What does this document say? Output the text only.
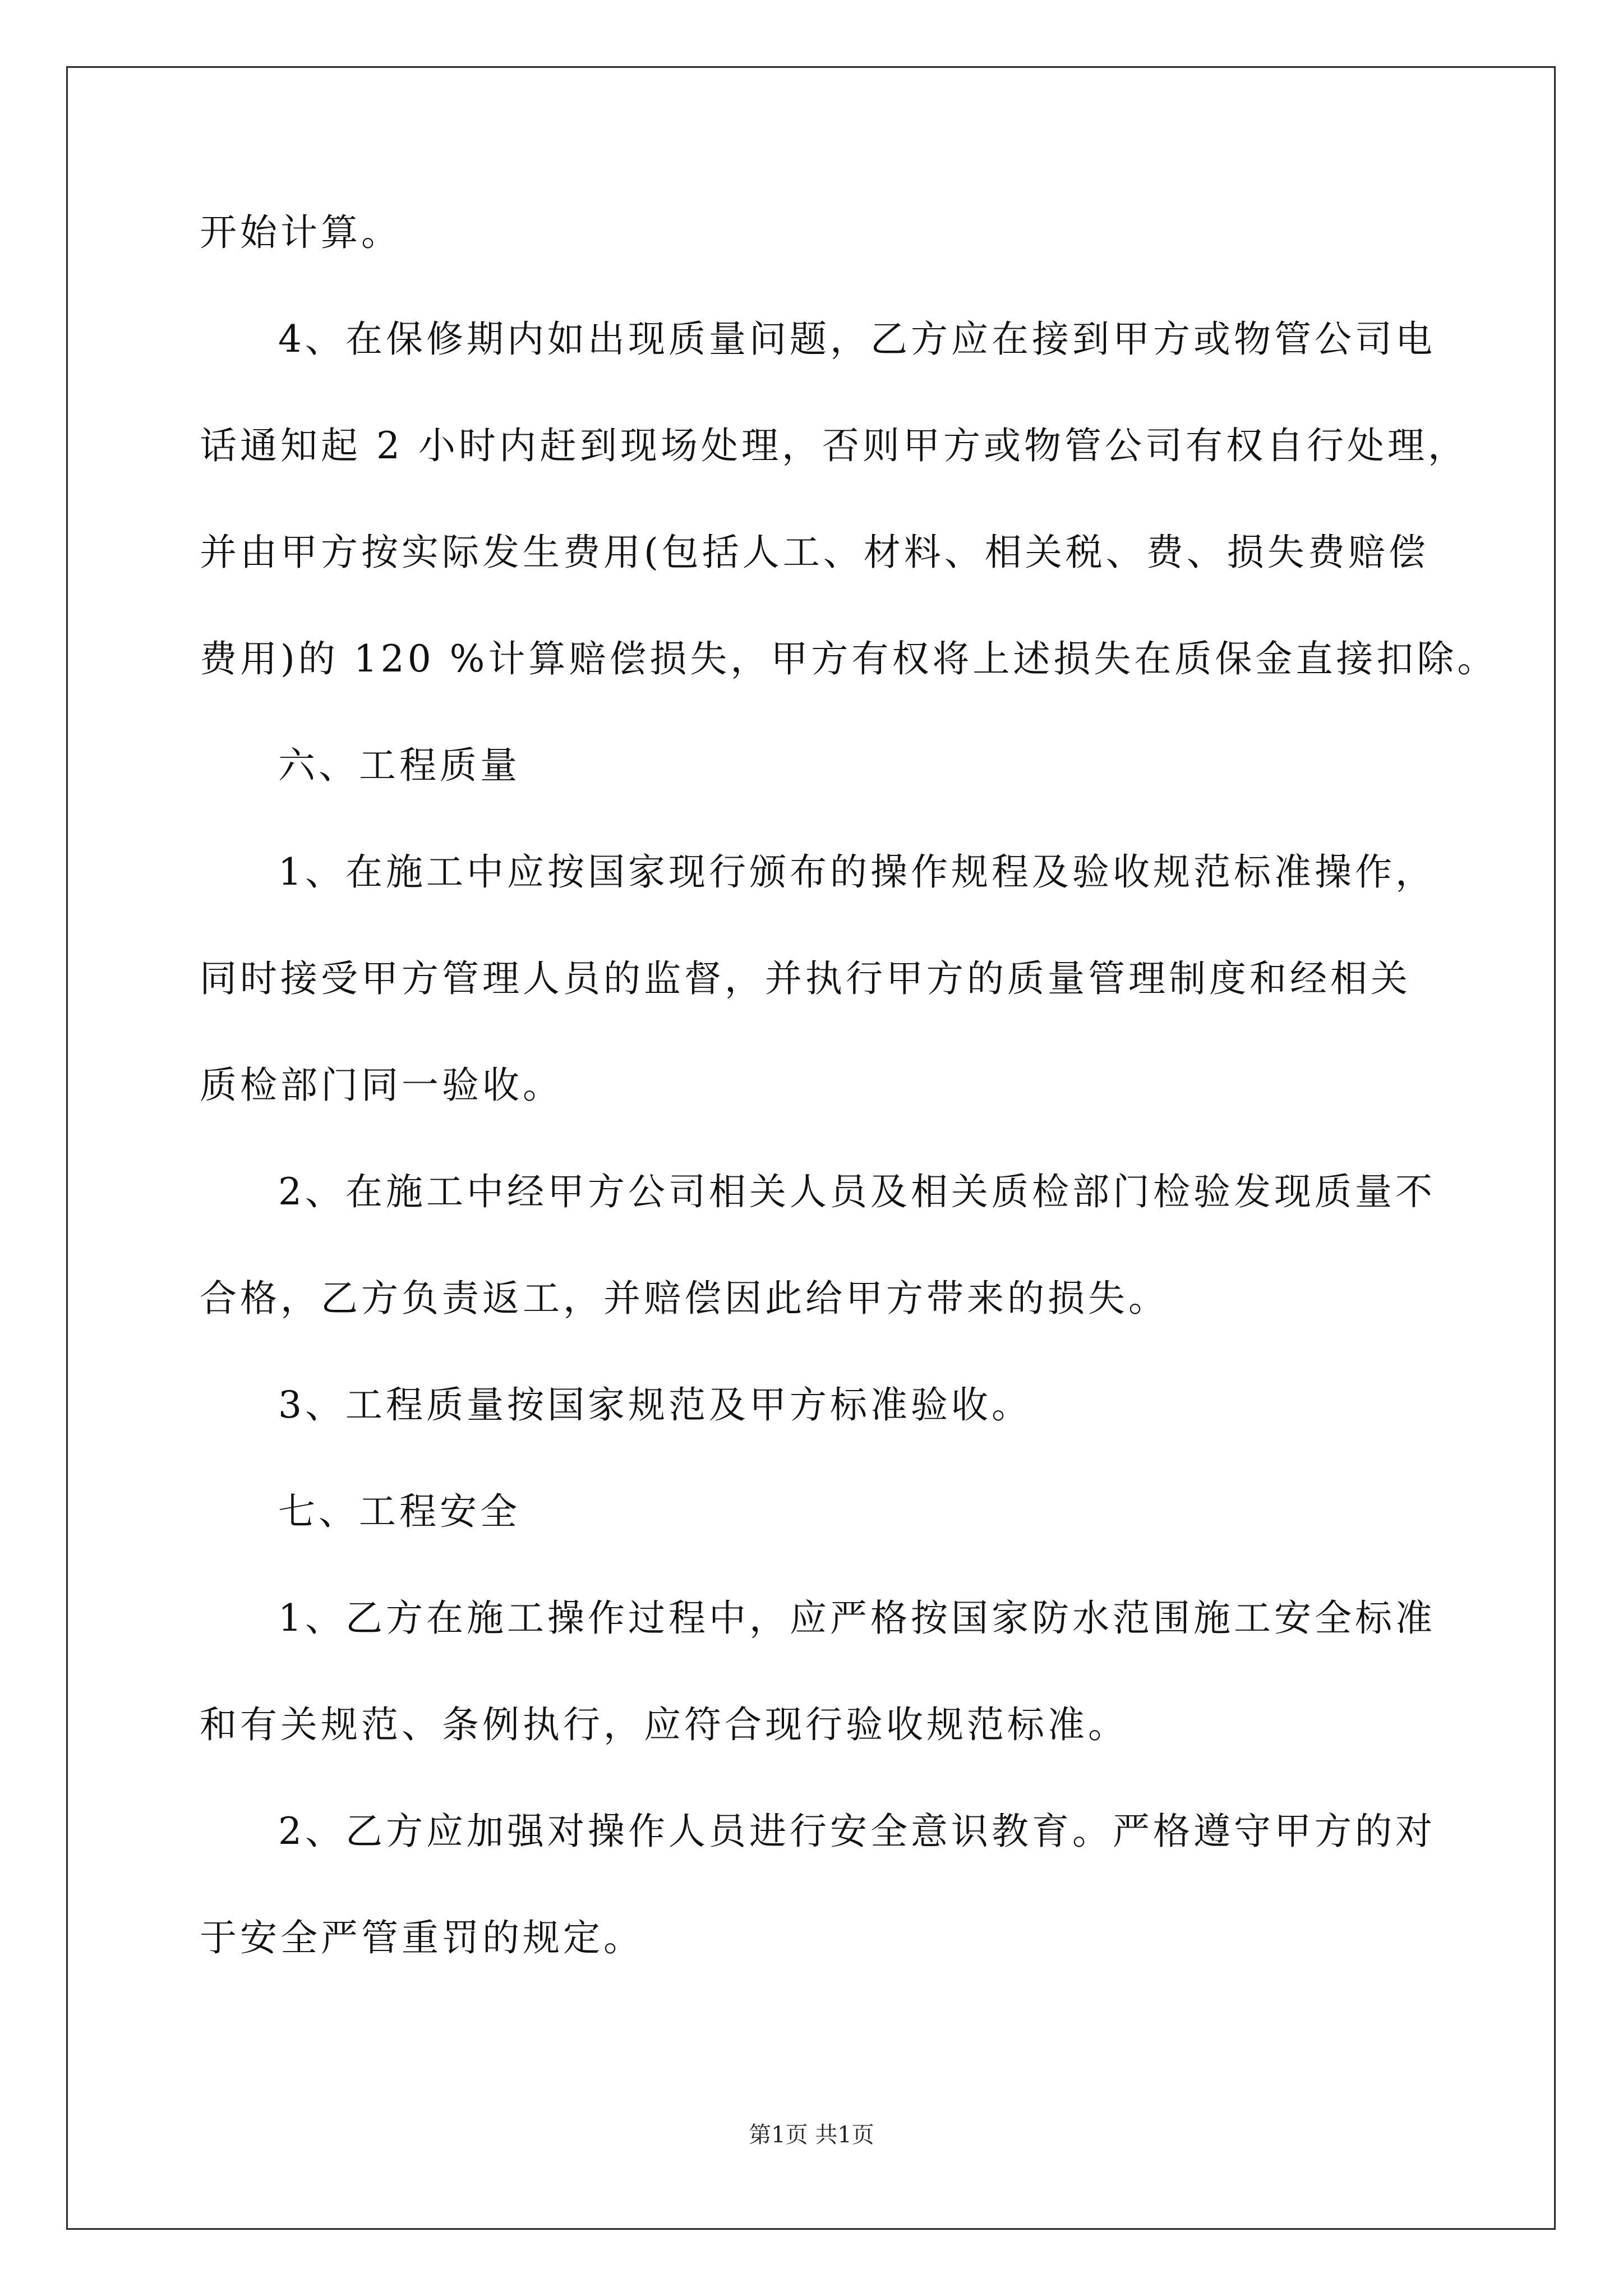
开始计算。
4、在保修期内如出现质量问题，乙方应在接到甲方或物管公司电
话通知起 2 小时内赶到现场处理，否则甲方或物管公司有权自行处理，
并由甲方按实际发生费用(包括人工、材料、相关税、费、损失费赔偿
费用)的 120 %计算赔偿损失，甲方有权将上述损失在质保金直接扣除。
六、工程质量
1、在施工中应按国家现行颁布的操作规程及验收规范标准操作，
同时接受甲方管理人员的监督，并执行甲方的质量管理制度和经相关
质检部门同一验收。
2、在施工中经甲方公司相关人员及相关质检部门检验发现质量不
合格，乙方负责返工，并赔偿因此给甲方带来的损失。
3、工程质量按国家规范及甲方标准验收。
七、工程安全
1、乙方在施工操作过程中，应严格按国家防水范围施工安全标准
和有关规范、条例执行，应符合现行验收规范标准。
2、乙方应加强对操作人员进行安全意识教育。严格遵守甲方的对
于安全严管重罚的规定。
第1页 共1页
